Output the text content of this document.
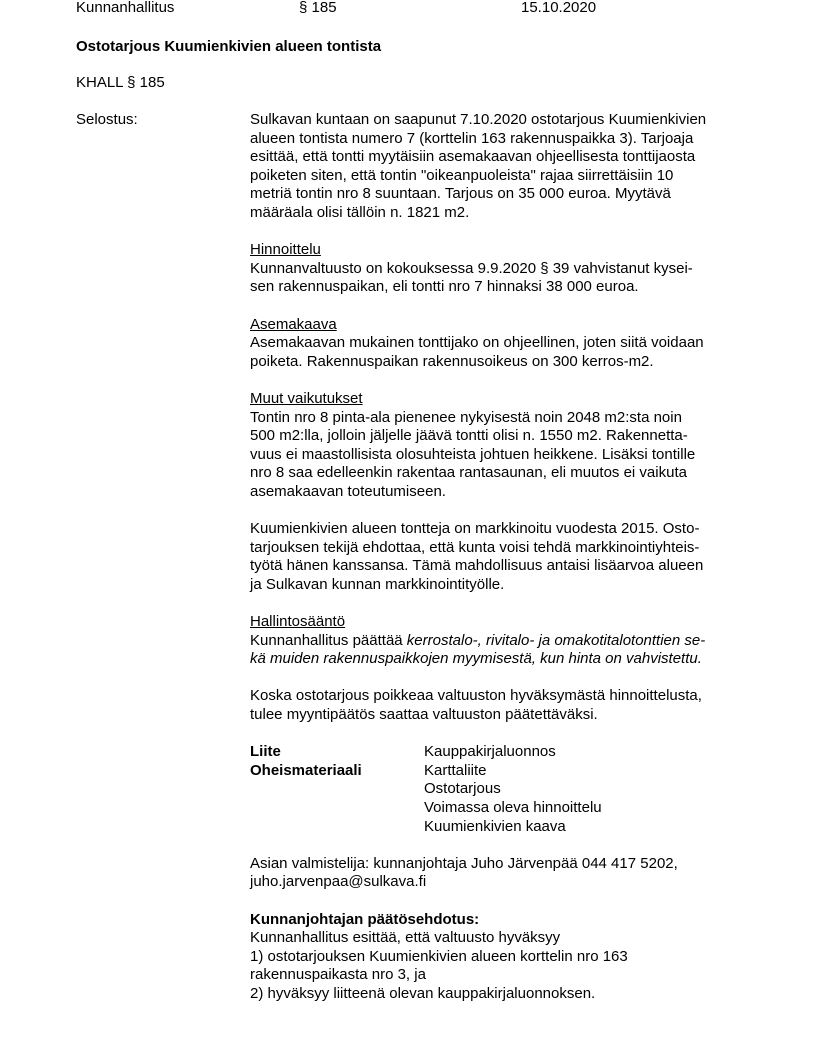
Kunnanhallitus	§ 185	15.10.2020
Ostotarjous Kuumienkivien alueen tontista
KHALL § 185
Selostus:	Sulkavan kuntaan on saapunut 7.10.2020 ostotarjous Kuumienkivien

alueen tontista numero 7 (korttelin 163 rakennuspaikka 3). Tarjoaja

esittää, että tontti myytäisiin asemakaavan ohjeellisesta tonttijaosta

poiketen siten, että tontin "oikeanpuoleista" rajaa siirrettäisiin 10

metriä tontin nro 8 suuntaan. Tarjous on 35 000 euroa. Myytävä

määräala olisi tällöin n. 1821 m2.

Hinnoittelu

Kunnanvaltuusto on kokouksessa 9.9.2020 § 39 vahvistanut kysei-

sen rakennuspaikan, eli tontti nro 7 hinnaksi 38 000 euroa.

Asemakaava

Asemakaavan mukainen tonttijako on ohjeellinen, joten siitä voidaan

poiketa. Rakennuspaikan rakennusoikeus on 300 kerros-m2.

Muut vaikutukset

Tontin nro 8 pinta-ala pienenee nykyisestä noin 2048 m2:sta noin

500 m2:lla, jolloin jäljelle jäävä tontti olisi n. 1550 m2. Rakennetta-

vuus ei maastollisista olosuhteista johtuen heikkene. Lisäksi tontille

nro 8 saa edelleenkin rakentaa rantasaunan, eli muutos ei vaikuta

asemakaavan toteutumiseen.

Kuumienkivien alueen tontteja on markkinoitu vuodesta 2015. Osto-

tarjouksen tekijä ehdottaa, että kunta voisi tehdä markkinointiyhteis-

työtä hänen kanssansa. Tämä mahdollisuus antaisi lisäarvoa alueen

ja Sulkavan kunnan markkinointityölle.

Hallintosääntö

Kunnanhallitus päättää kerrostalo-, rivitalo- ja omakotitalotonttien se-

kä muiden rakennuspaikkojen myymisestä, kun hinta on vahvistettu.

Koska ostotarjous poikkeaa valtuuston hyväksymästä hinnoittelusta,

tulee myyntipäätös saattaa valtuuston päätettäväksi.

Liite	Kauppakirjaluonnos
Oheismateriaali	Karttaliite
Ostotarjous
Voimassa oleva hinnoittelu
Kuumienkivien kaava

Asian valmistelija: kunnanjohtaja Juho Järvenpää 044 417 5202,

juho.jarvenpaa@sulkava.fi

Kunnanjohtajan päätösehdotus:

Kunnanhallitus esittää, että valtuusto hyväksyy

1) ostotarjouksen Kuumienkivien alueen korttelin nro 163

rakennuspaikasta nro 3, ja

2) hyväksyy liitteenä olevan kauppakirjaluonnoksen.
